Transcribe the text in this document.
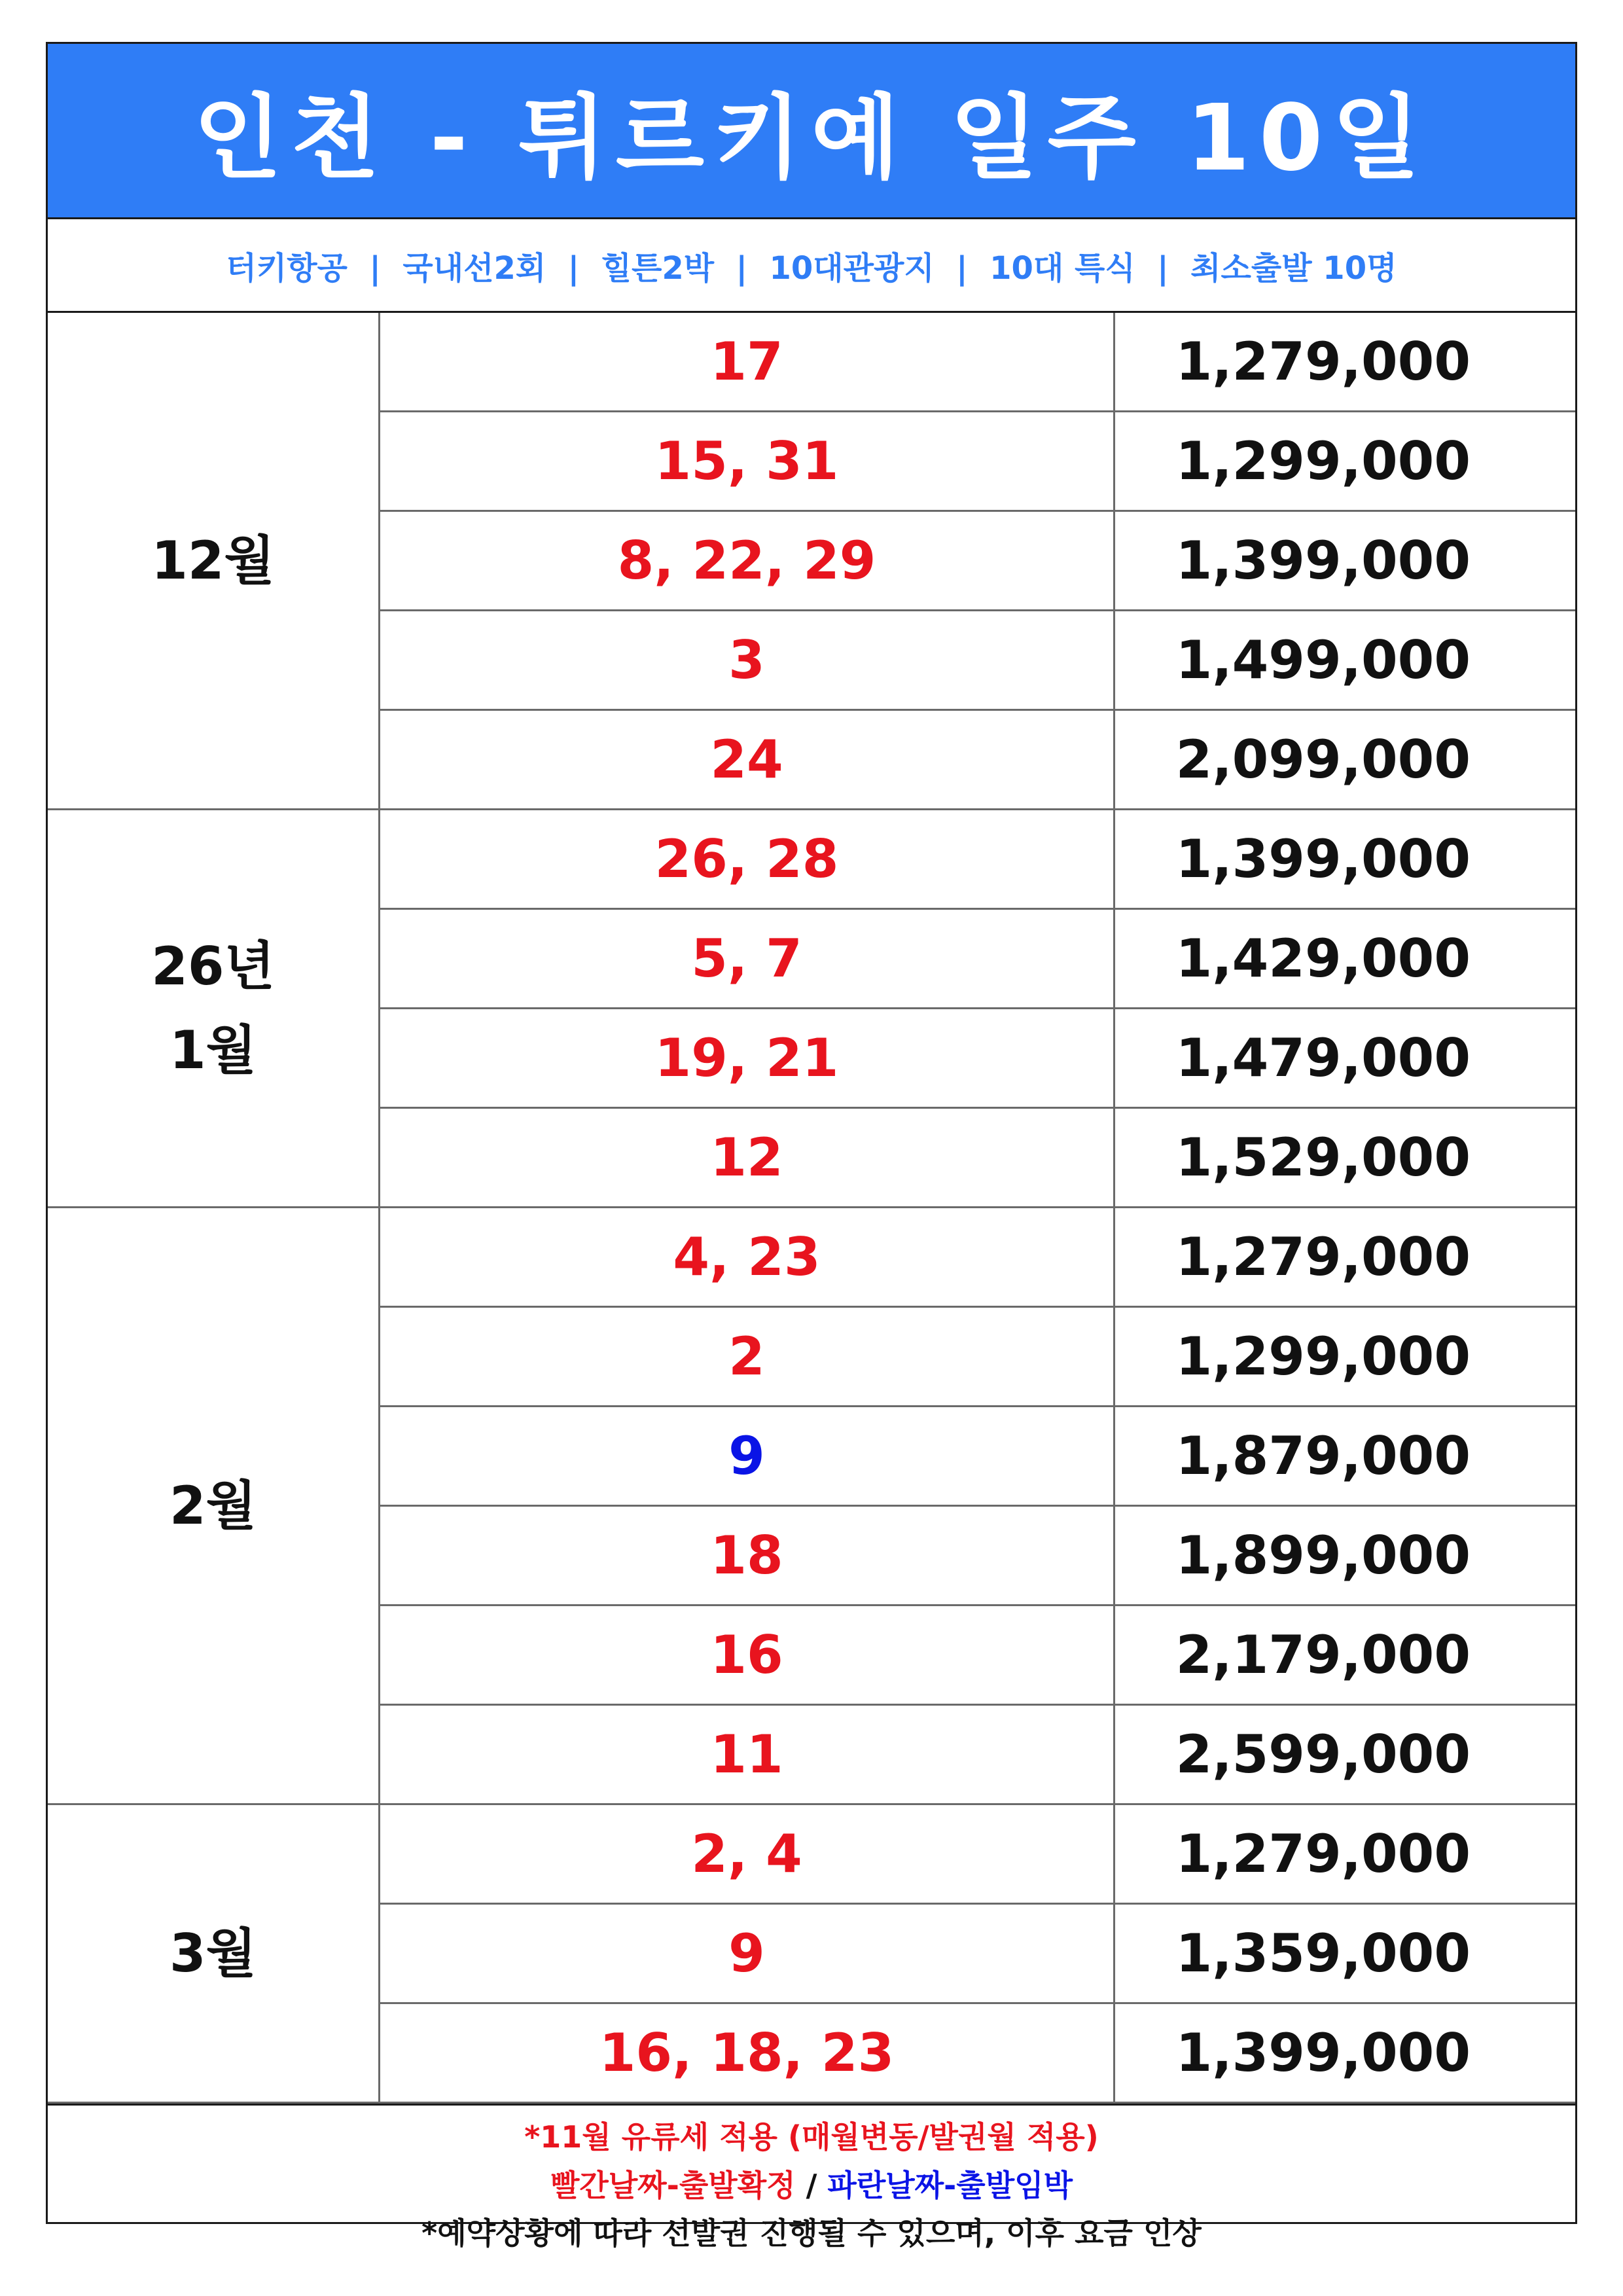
인천 - 튀르키예 일주 10일
터키항공  |  국내선2회  |  힐튼2박  |  10대관광지  |  10대 특식  |  최소출발 10명
12월	17	1,279,000
	15, 31	1,299,000
	8, 22, 29	1,399,000
	3	1,499,000
	24	2,099,000

26년
1월	26, 28	1,399,000
	5, 7	1,429,000
	19, 21	1,479,000
	12	1,529,000

2월	4, 23	1,279,000
	2	1,299,000
	9	1,879,000
	18	1,899,000
	16	2,179,000
	11	2,599,000

3월	2, 4	1,279,000
	9	1,359,000
	16, 18, 23	1,399,000
*11월 유류세 적용 (매월변동/발권월 적용)
빨간날짜-출발확정 / 파란날짜-출발임박
*예약상황에 따라 선발권 진행될 수 있으며, 이후 요금 인상
